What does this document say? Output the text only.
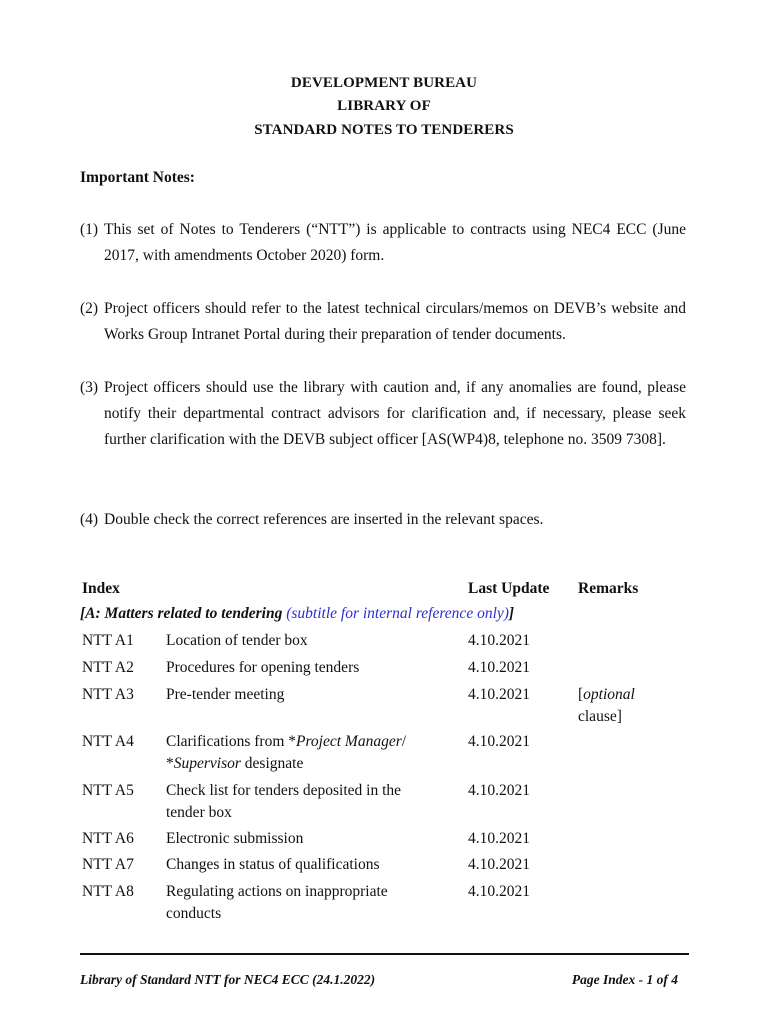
DEVELOPMENT BUREAU
LIBRARY OF
STANDARD NOTES TO TENDERERS
Important Notes:
(1) This set of Notes to Tenderers (“NTT”) is applicable to contracts using NEC4 ECC (June 2017, with amendments October 2020) form.
(2) Project officers should refer to the latest technical circulars/memos on DEVB’s website and Works Group Intranet Portal during their preparation of tender documents.
(3) Project officers should use the library with caution and, if any anomalies are found, please notify their departmental contract advisors for clarification and, if necessary, please seek further clarification with the DEVB subject officer [AS(WP4)8, telephone no. 3509 7308].
(4) Double check the correct references are inserted in the relevant spaces.
Index	Last Update Remarks
[A: Matters related to tendering (subtitle for internal reference only)]
NTT A1	Location of tender box	4.10.2021
NTT A2	Procedures for opening tenders	4.10.2021
NTT A3	Pre-tender meeting	4.10.2021	[optional
clause]
NTT A4	Clarifications from *Project Manager/ *Supervisor designate
4.10.2021
NTT A5	Check list for tenders deposited in the tender box
4.10.2021
NTT A6	Electronic submission	4.10.2021
NTT A7	Changes in status of qualifications	4.10.2021
NTT A8	Regulating actions on inappropriate conducts
4.10.2021
Library of Standard NTT for NEC4 ECC (24.1.2022)	Page Index - 1 of 4
